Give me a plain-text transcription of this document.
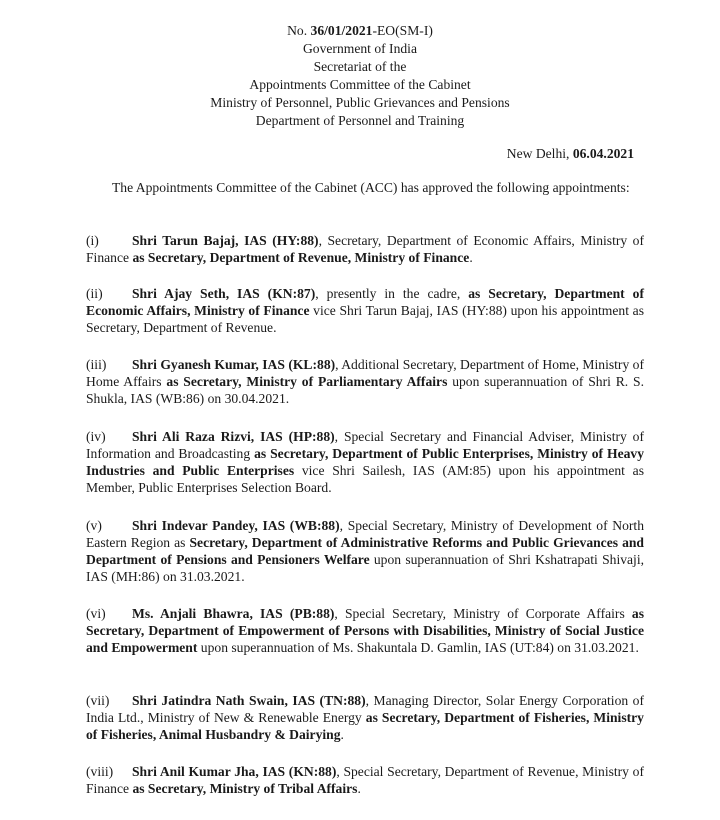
No. 36/01/2021-EO(SM-I)
Government of India
Secretariat of the
Appointments Committee of the Cabinet
Ministry of Personnel, Public Grievances and Pensions
Department of Personnel and Training
New Delhi, 06.04.2021

The Appointments Committee of the Cabinet (ACC) has approved the following appointments:

(i) Shri Tarun Bajaj, IAS (HY:88), Secretary, Department of Economic Affairs, Ministry of Finance as Secretary, Department of Revenue, Ministry of Finance.

(ii) Shri Ajay Seth, IAS (KN:87), presently in the cadre, as Secretary, Department of Economic Affairs, Ministry of Finance vice Shri Tarun Bajaj, IAS (HY:88) upon his appointment as Secretary, Department of Revenue.

(iii) Shri Gyanesh Kumar, IAS (KL:88), Additional Secretary, Department of Home, Ministry of Home Affairs as Secretary, Ministry of Parliamentary Affairs upon superannuation of Shri R. S. Shukla, IAS (WB:86) on 30.04.2021.

(iv) Shri Ali Raza Rizvi, IAS (HP:88), Special Secretary and Financial Adviser, Ministry of Information and Broadcasting as Secretary, Department of Public Enterprises, Ministry of Heavy Industries and Public Enterprises vice Shri Sailesh, IAS (AM:85) upon his appointment as Member, Public Enterprises Selection Board.

(v) Shri Indevar Pandey, IAS (WB:88), Special Secretary, Ministry of Development of North Eastern Region as Secretary, Department of Administrative Reforms and Public Grievances and Department of Pensions and Pensioners Welfare upon superannuation of Shri Kshatrapati Shivaji, IAS (MH:86) on 31.03.2021.

(vi) Ms. Anjali Bhawra, IAS (PB:88), Special Secretary, Ministry of Corporate Affairs as Secretary, Department of Empowerment of Persons with Disabilities, Ministry of Social Justice and Empowerment upon superannuation of Ms. Shakuntala D. Gamlin, IAS (UT:84) on 31.03.2021.

(vii) Shri Jatindra Nath Swain, IAS (TN:88), Managing Director, Solar Energy Corporation of India Ltd., Ministry of New & Renewable Energy as Secretary, Department of Fisheries, Ministry of Fisheries, Animal Husbandry & Dairying.

(viii) Shri Anil Kumar Jha, IAS (KN:88), Special Secretary, Department of Revenue, Ministry of Finance as Secretary, Ministry of Tribal Affairs.
